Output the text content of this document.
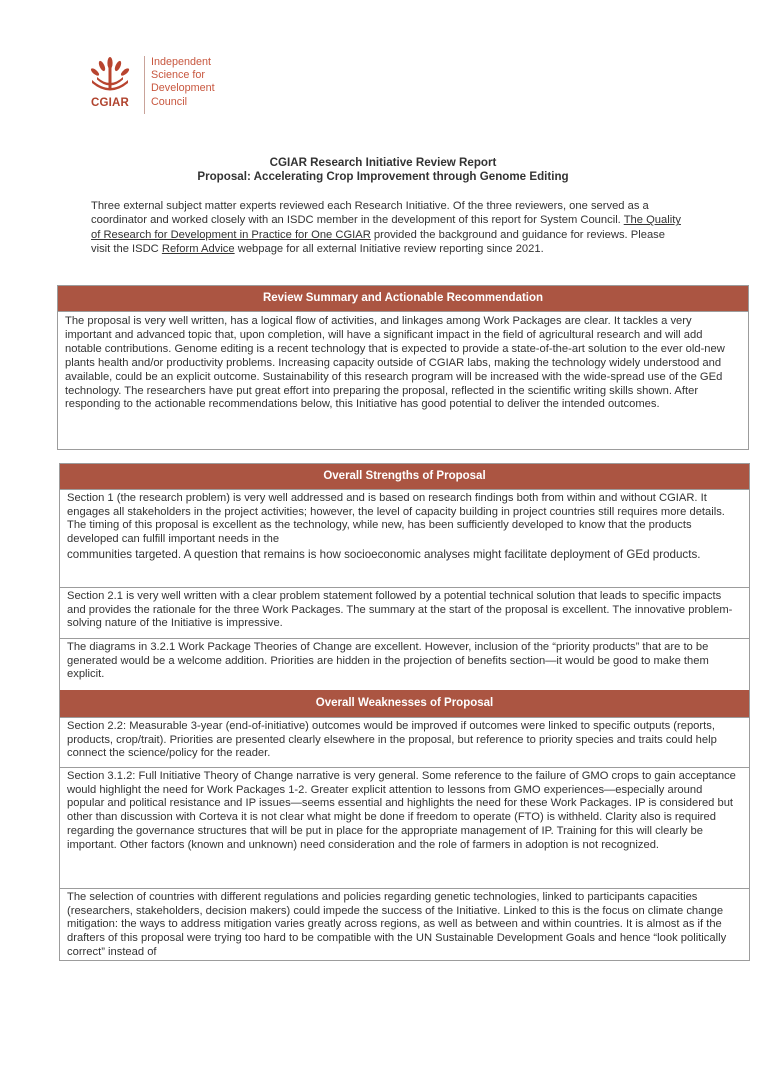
CGIAR
Independent
Science for
Development
Council
CGIAR Research Initiative Review Report
Proposal: Accelerating Crop Improvement through Genome Editing
Three external subject matter experts reviewed each Research Initiative. Of the three reviewers, one served as a coordinator and worked closely with an ISDC member in the development of this report for System Council. The Quality of Research for Development in Practice for One CGIAR provided the background and guidance for reviews. Please visit the ISDC Reform Advice webpage for all external Initiative review reporting since 2021.
Review Summary and Actionable Recommendation
The proposal is very well written, has a logical flow of activities, and linkages among Work Packages are clear. It tackles a very important and advanced topic that, upon completion, will have a significant impact in the field of agricultural research and will add notable contributions. Genome editing is a recent technology that is expected to provide a state-of-the-art solution to the ever old-new plants health and/or productivity problems. Increasing capacity outside of CGIAR labs, making the technology widely understood and available, could be an explicit outcome. Sustainability of this research program will be increased with the wide-spread use of the GEd technology. The researchers have put great effort into preparing the proposal, reflected in the scientific writing skills shown. After responding to the actionable recommendations below, this Initiative has good potential to deliver the intended outcomes.
Overall Strengths of Proposal
Section 1 (the research problem) is very well addressed and is based on research findings both from within and without CGIAR. It engages all stakeholders in the project activities; however, the level of capacity building in project countries still requires more details. The timing of this proposal is excellent as the technology, while new, has been sufficiently developed to know that the products developed can fulfill important needs in the
communities targeted. A question that remains is how socioeconomic analyses might facilitate deployment of GEd products.
Section 2.1 is very well written with a clear problem statement followed by a potential technical solution that leads to specific impacts and provides the rationale for the three Work Packages. The summary at the start of the proposal is excellent. The innovative problem-solving nature of the Initiative is impressive.
The diagrams in 3.2.1 Work Package Theories of Change are excellent. However, inclusion of the “priority products” that are to be generated would be a welcome addition. Priorities are hidden in the projection of benefits section—it would be good to make them explicit.
Overall Weaknesses of Proposal
Section 2.2: Measurable 3-year (end-of-initiative) outcomes would be improved if outcomes were linked to specific outputs (reports, products, crop/trait). Priorities are presented clearly elsewhere in the proposal, but reference to priority species and traits could help connect the science/policy for the reader.
Section 3.1.2: Full Initiative Theory of Change narrative is very general. Some reference to the failure of GMO crops to gain acceptance would highlight the need for Work Packages 1-2. Greater explicit attention to lessons from GMO experiences—especially around popular and political resistance and IP issues—seems essential and highlights the need for these Work Packages. IP is considered but other than discussion with Corteva it is not clear what might be done if freedom to operate (FTO) is withheld. Clarity also is required regarding the governance structures that will be put in place for the appropriate management of IP. Training for this will clearly be important. Other factors (known and unknown) need consideration and the role of farmers in adoption is not recognized.
The selection of countries with different regulations and policies regarding genetic technologies, linked to participants capacities (researchers, stakeholders, decision makers) could impede the success of the Initiative. Linked to this is the focus on climate change mitigation: the ways to address mitigation varies greatly across regions, as well as between and within countries. It is almost as if the drafters of this proposal were trying too hard to be compatible with the UN Sustainable Development Goals and hence “look politically correct” instead of
